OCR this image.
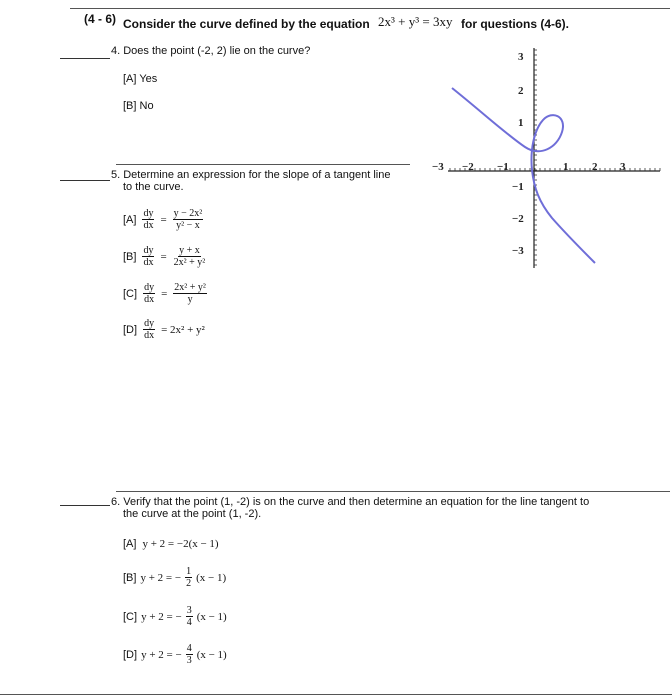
(4 - 6) Consider the curve defined by the equation 2x³ + y³ = 3xy for questions (4-6).
4. Does the point (-2, 2) lie on the curve?
[A] Yes
[B] No
5. Determine an expression for the slope of a tangent line
to the curve.
$[A] \frac{dy}{dx} = \frac{\text{y − 2x²}}{\text{y² − x}}$
$[B] \frac{dy}{dx} = \frac{y + x}{\text{2x² + y²}}$
$[C] \frac{dy}{dx} = \frac{\text{2x² + y²}}{y}$
$[D] \frac{dy}{dx} = 2x^2 + y^2$
−3 −2 −1	1 2 3
3
2
1
−1
−2
−3
6. Verify that the point (1, -2) is on the curve and then determine an equation for the line tangent to
the curve at the point (1, -2).
[A] y + 2 = −2(x − 1)
[B] y + 2 = − $\frac{1}{2} (x - 1)$
[C] y + 2 = − $\frac{3}{4} (x - 1)$
[D] y + 2 = − $\frac{4}{3} (x - 1)$
